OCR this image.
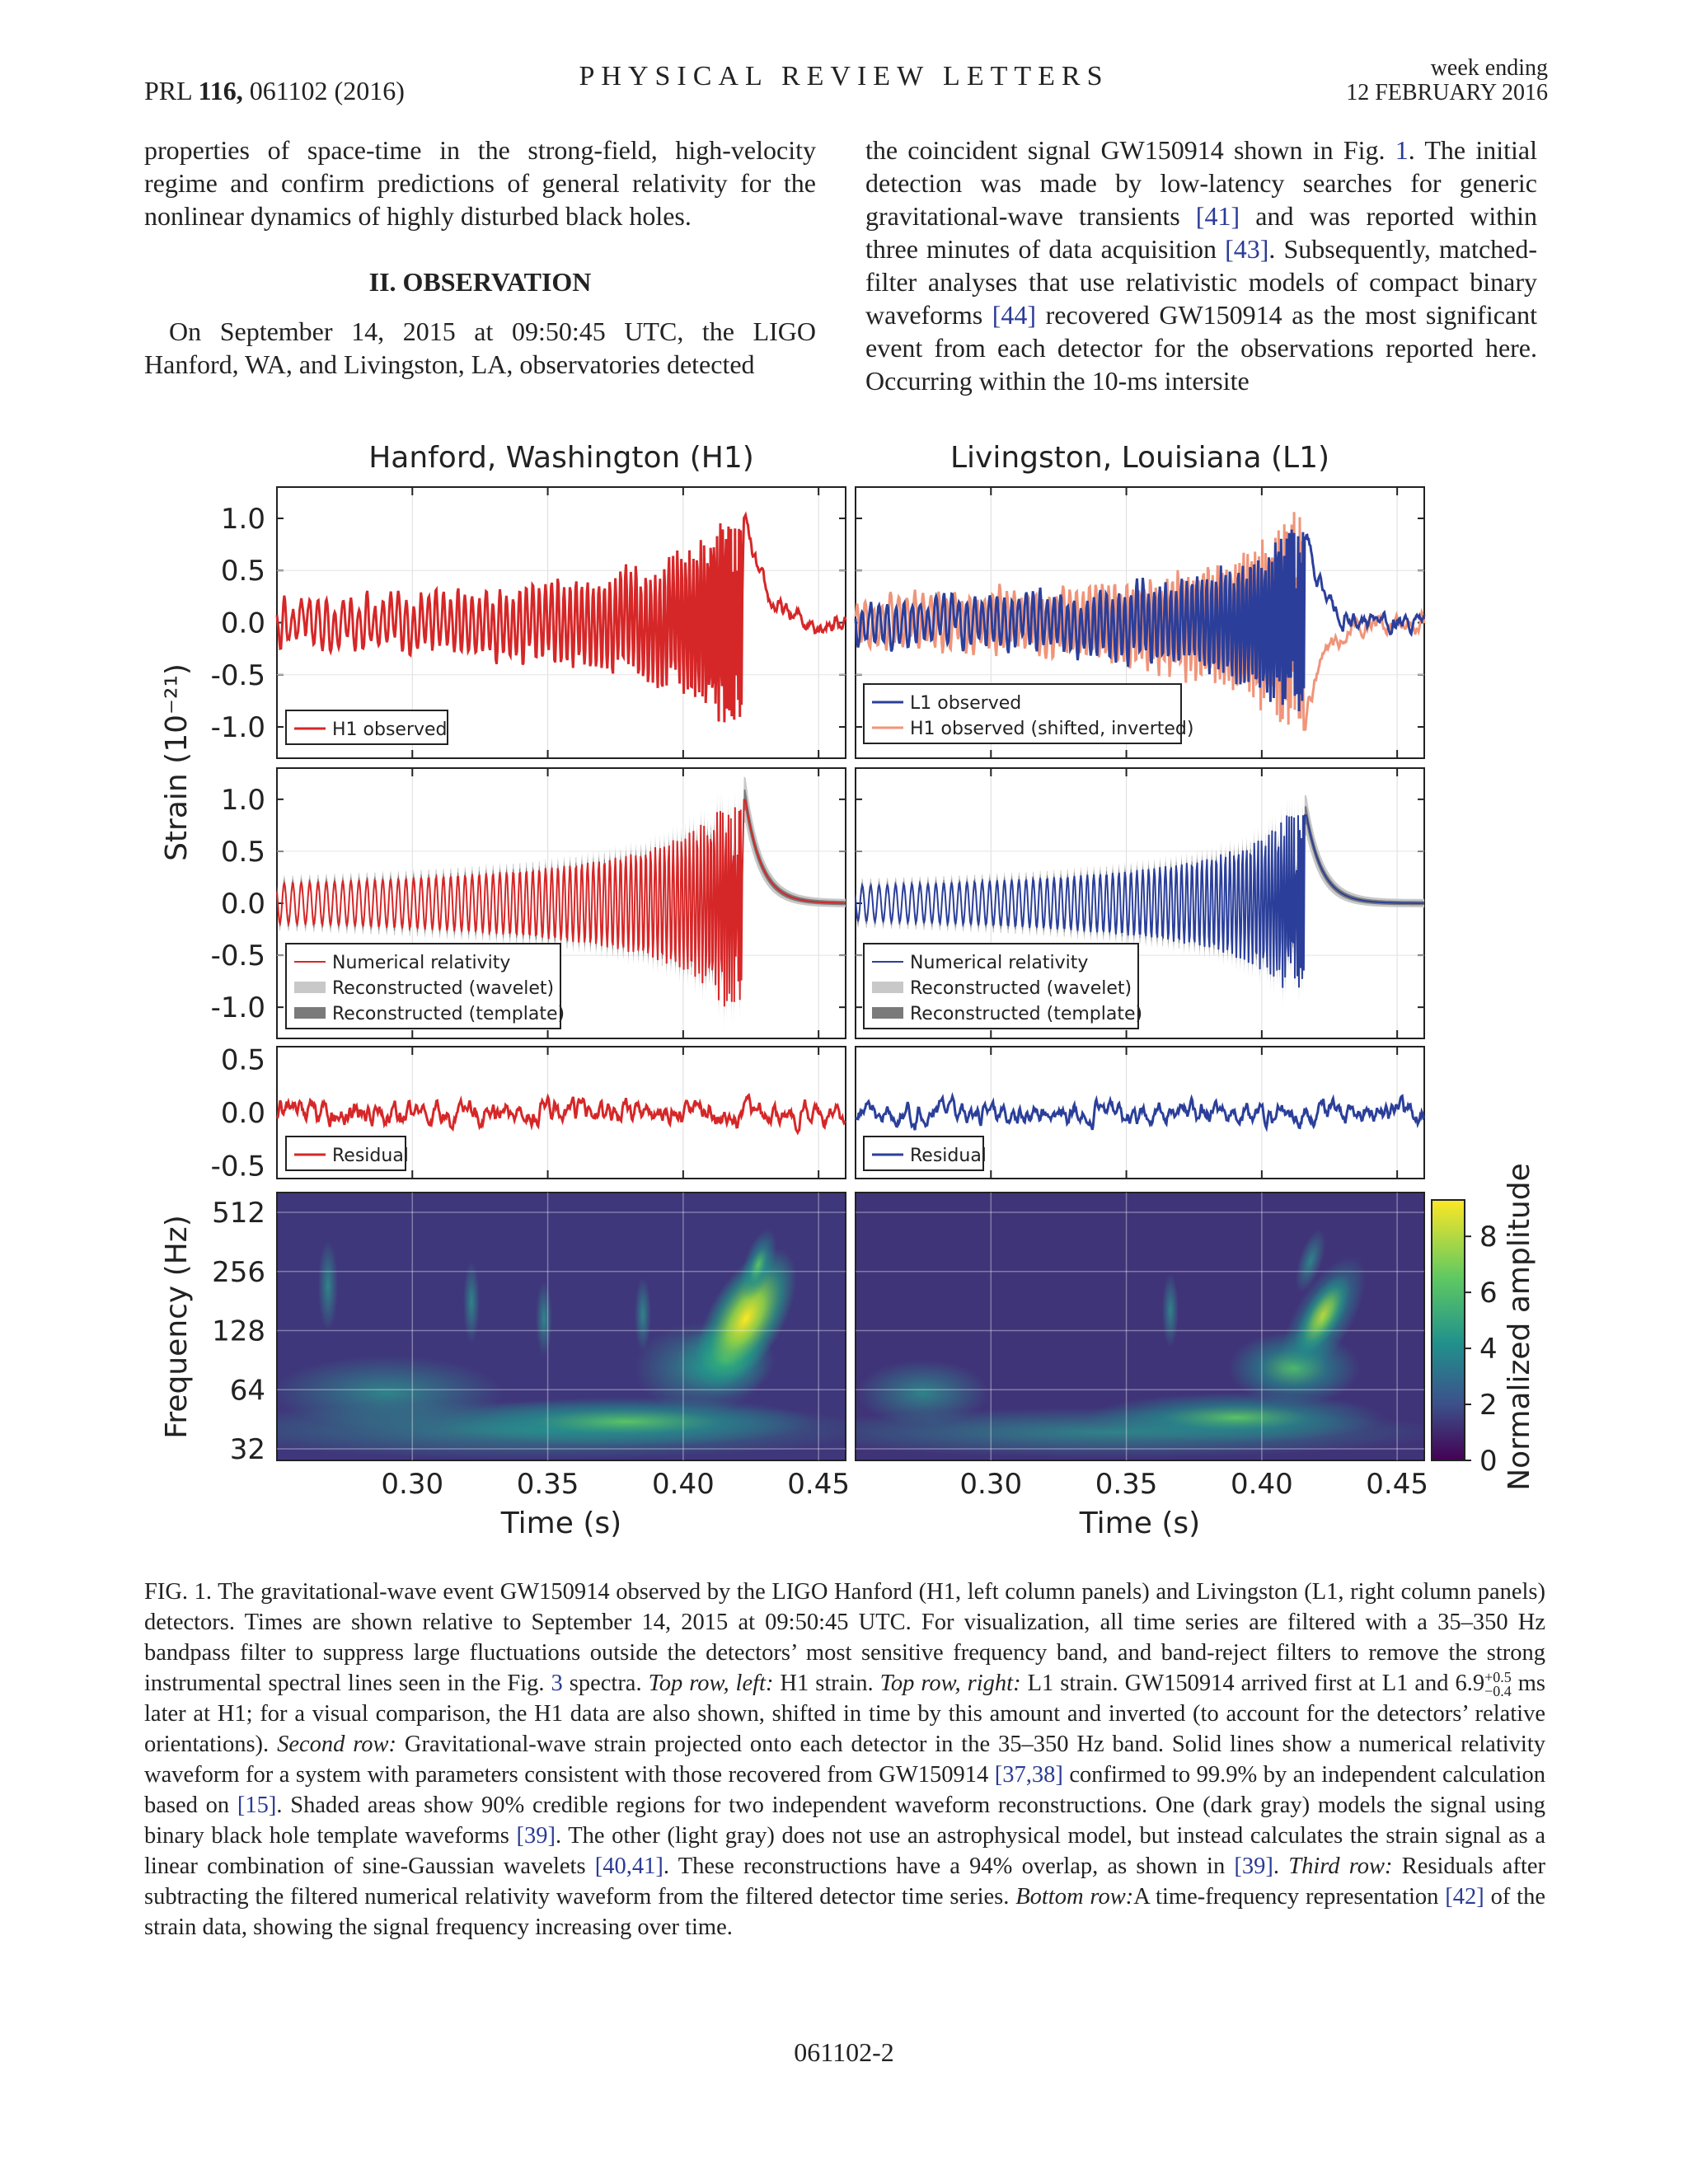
PRL 116, 061102 (2016)	PHYSICAL REVIEW LETTERS	week ending
12 FEBRUARY 2016

properties of space-time in the strong-field, high-velocity regime and confirm predictions of general relativity for the nonlinear dynamics of highly disturbed black holes.

II. OBSERVATION

On September 14, 2015 at 09:50:45 UTC, the LIGO Hanford, WA, and Livingston, LA, observatories detected

the coincident signal GW150914 shown in Fig. 1. The initial detection was made by low-latency searches for generic gravitational-wave transients [41] and was reported within three minutes of data acquisition [43]. Subsequently, matched-filter analyses that use relativistic models of compact binary waveforms [44] recovered GW150914 as the most significant event from each detector for the observations reported here. Occurring within the 10-ms intersite

Hanford, Washington (H1)	Livingston, Louisiana (L1)
Strain (10⁻²¹)
Frequency (Hz)	Normalized amplitude
0.30	0.35	0.40	0.45
Time (s)
0.30	0.35	0.40	0.45
Time (s)
1.0
0.5
0.0
-0.5
-1.0
1.0
0.5
0.0
-0.5
-1.0
0.5
0.0
-0.5
512
256
128
64
32
8
6
4
2
0
H1 observed
L1 observed
H1 observed (shifted, inverted)
Numerical relativity
Reconstructed (wavelet)
Reconstructed (template)
Numerical relativity
Reconstructed (wavelet)
Reconstructed (template)
Residual	Residual
FIG. 1. The gravitational-wave event GW150914 observed by the LIGO Hanford (H1, left column panels) and Livingston (L1, right column panels) detectors. Times are shown relative to September 14, 2015 at 09:50:45 UTC. For visualization, all time series are filtered with a 35–350 Hz bandpass filter to suppress large fluctuations outside the detectors’ most sensitive frequency band, and band-reject filters to remove the strong instrumental spectral lines seen in the Fig. 3 spectra. Top row, left: H1 strain. Top row, right: L1 strain. GW150914 arrived first at L1 and 6.9 +0.5
−0.4 ms later at H1; for a visual comparison, the H1 data are also shown, shifted in time by this amount and inverted (to account for the detectors’ relative orientations). Second row: Gravitational-wave strain projected onto each detector in the 35–350 Hz band. Solid lines show a numerical relativity waveform for a system with parameters consistent with those recovered from GW150914 [37,38] confirmed to 99.9% by an independent calculation based on [15]. Shaded areas show 90% credible regions for two independent waveform reconstructions. One (dark gray) models the signal using binary black hole template waveforms [39]. The other (light gray) does not use an astrophysical model, but instead calculates the strain signal as a linear combination of sine-Gaussian wavelets [40,41]. These reconstructions have a 94% overlap, as shown in [39]. Third row: Residuals after subtracting the filtered numerical relativity waveform from the filtered detector time series. Bottom row:A time-frequency representation [42] of the strain data, showing the signal frequency increasing over time.
061102-2
